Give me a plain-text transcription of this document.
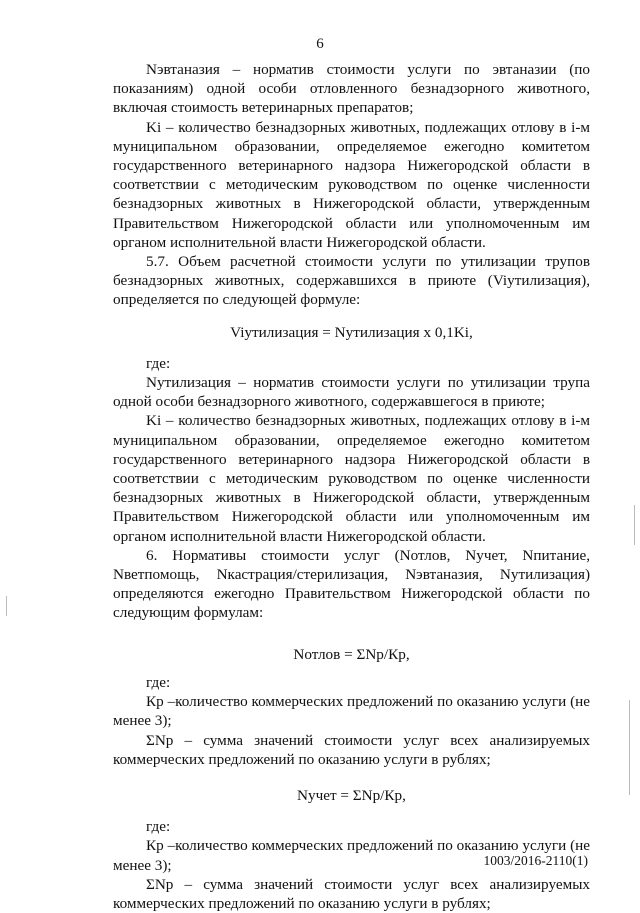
6

Nэвтаназия – норматив стоимости услуги по эвтаназии (по показаниям) одной особи отловленного безнадзорного животного, включая стоимость ветеринарных препаратов;

Ki – количество безнадзорных животных, подлежащих отлову в i-м муниципальном образовании, определяемое ежегодно комитетом государственного ветеринарного надзора Нижегородской области в соответствии с методическим руководством по оценке численности безнадзорных животных в Нижегородской области, утвержденным Правительством Нижегородской области или уполномоченным им органом исполнительной власти Нижегородской области.

5.7. Объем расчетной стоимости услуги по утилизации трупов безнадзорных животных, содержавшихся в приюте (Viутилизация), определяется по следующей формуле:

Viутилизация = Nутилизация х 0,1Ki,

где:

Nутилизация – норматив стоимости услуги по утилизации трупа одной особи безнадзорного животного, содержавшегося в приюте;

Ki – количество безнадзорных животных, подлежащих отлову в i-м муниципальном образовании, определяемое ежегодно комитетом государственного ветеринарного надзора Нижегородской области в соответствии с методическим руководством по оценке численности безнадзорных животных в Нижегородской области, утвержденным Правительством Нижегородской области или уполномоченным им органом исполнительной власти Нижегородской области.

6. Нормативы стоимости услуг (Nотлов, Nучет, Nпитание, Nветпомощь, Nкастрация/стерилизация, Nэвтаназия, Nутилизация) определяются ежегодно Правительством Нижегородской области по следующим формулам:

Nотлов = ΣNp/Кр,

где:

Кр –количество коммерческих предложений по оказанию услуги (не менее 3);

ΣNp – сумма значений стоимости услуг всех анализируемых коммерческих предложений по оказанию услуги в рублях;

Nучет = ΣNp/Кр,

где:

Кр –количество коммерческих предложений по оказанию услуги (не менее 3);

ΣNp – сумма значений стоимости услуг всех анализируемых коммерческих предложений по оказанию услуги в рублях;

1003/2016-2110(1)
